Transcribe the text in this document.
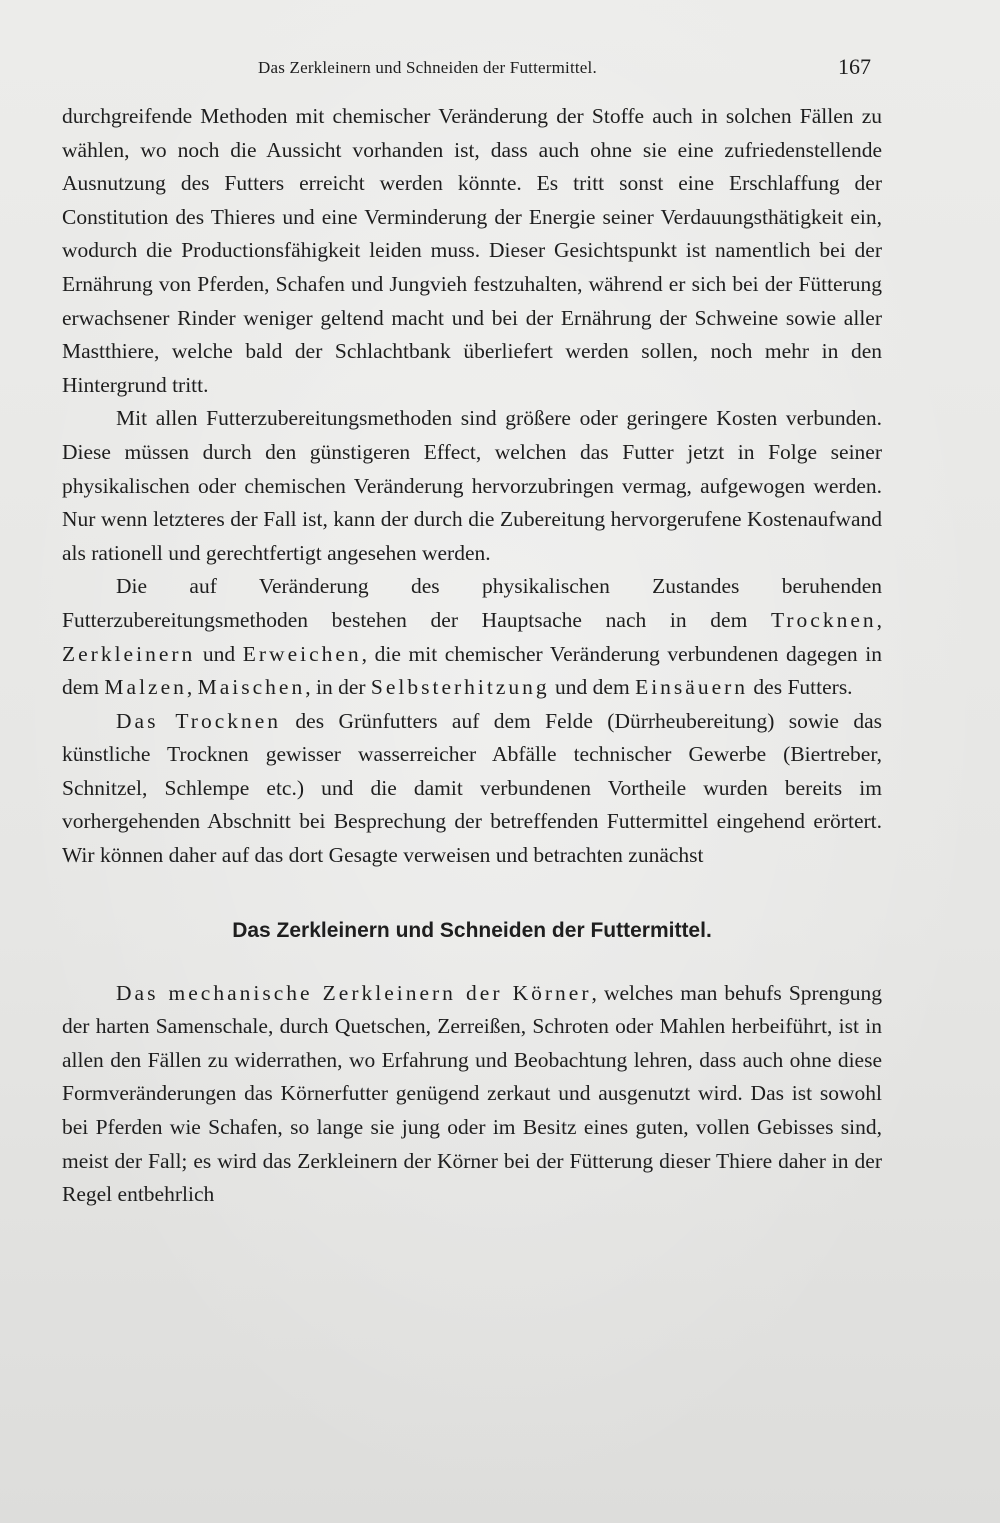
Das Zerkleinern und Schneiden der Futtermittel.	167

durchgreifende Methoden mit chemischer Veränderung der Stoffe auch in solchen Fällen zu wählen, wo noch die Aussicht vorhanden ist, dass auch ohne sie eine zufriedenstellende Ausnutzung des Futters erreicht werden könnte. Es tritt sonst eine Erschlaffung der Constitution des Thieres und eine Verminderung der Energie seiner Verdauungsthätigkeit ein, wodurch die Productionsfähigkeit leiden muss. Dieser Gesichtspunkt ist namentlich bei der Ernährung von Pferden, Schafen und Jungvieh festzuhalten, während er sich bei der Fütterung erwachsener Rinder weniger geltend macht und bei der Ernährung der Schweine sowie aller Mastthiere, welche bald der Schlachtbank überliefert werden sollen, noch mehr in den Hintergrund tritt.

Mit allen Futterzubereitungsmethoden sind größere oder geringere Kosten verbunden. Diese müssen durch den günstigeren Effect, welchen das Futter jetzt in Folge seiner physikalischen oder chemischen Veränderung hervorzubringen vermag, aufgewogen werden. Nur wenn letzteres der Fall ist, kann der durch die Zubereitung hervorgerufene Kostenaufwand als rationell und gerechtfertigt angesehen werden.

Die auf Veränderung des physikalischen Zustandes beruhenden Futterzubereitungsmethoden bestehen der Hauptsache nach in dem Trocknen, Zerkleinern und Erweichen, die mit chemischer Veränderung verbundenen dagegen in dem Malzen, Maischen, in der Selbsterhitzung und dem Einsäuern des Futters.

Das Trocknen des Grünfutters auf dem Felde (Dürrheubereitung) sowie das künstliche Trocknen gewisser wasserreicher Abfälle technischer Gewerbe (Biertreber, Schnitzel, Schlempe etc.) und die damit verbundenen Vortheile wurden bereits im vorhergehenden Abschnitt bei Besprechung der betreffenden Futtermittel eingehend erörtert. Wir können daher auf das dort Gesagte verweisen und betrachten zunächst

Das Zerkleinern und Schneiden der Futtermittel.

Das mechanische Zerkleinern der Körner, welches man behufs Sprengung der harten Samenschale, durch Quetschen, Zerreißen, Schroten oder Mahlen herbeiführt, ist in allen den Fällen zu widerrathen, wo Erfahrung und Beobachtung lehren, dass auch ohne diese Formveränderungen das Körnerfutter genügend zerkaut und ausgenutzt wird. Das ist sowohl bei Pferden wie Schafen, so lange sie jung oder im Besitz eines guten, vollen Gebisses sind, meist der Fall; es wird das Zerkleinern der Körner bei der Fütterung dieser Thiere daher in der Regel entbehrlich
